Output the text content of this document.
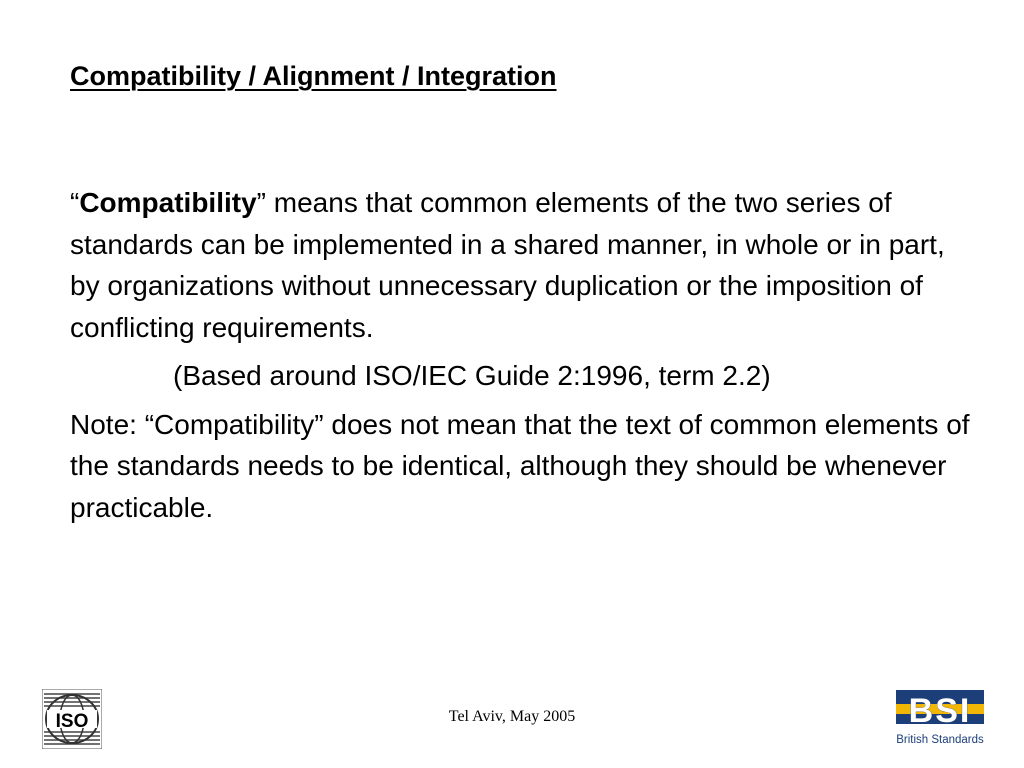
Compatibility / Alignment / Integration

“Compatibility” means that common elements of the two series of standards can be implemented in a shared manner, in whole or in part, by organizations without unnecessary duplication or the imposition of conflicting requirements.

(Based around ISO/IEC Guide 2:1996, term 2.2)

Note: “Compatibility” does not mean that the text of common elements of the standards needs to be identical, although they should be whenever practicable.

ISO	Tel Aviv, May 2005	BSI
British Standards
